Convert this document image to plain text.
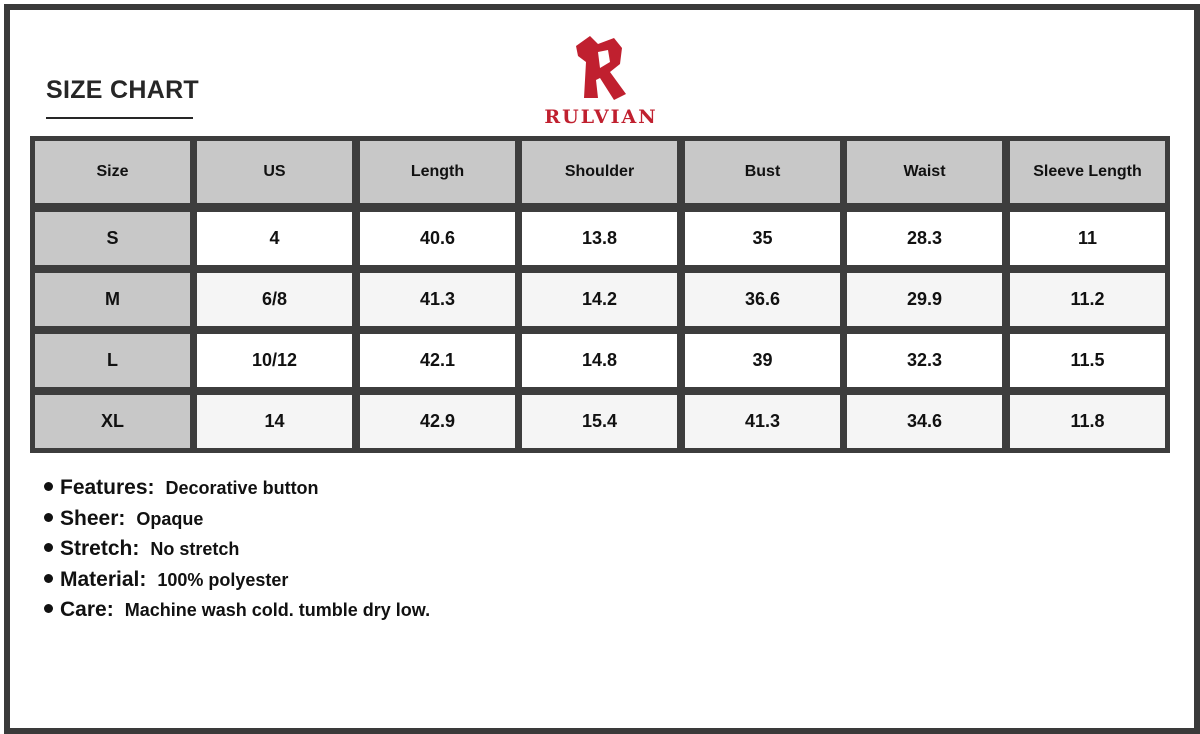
SIZE CHART
RULVIAN
Size	US	Length	Shoulder	Bust	Waist	Sleeve Length
S	4	40.6	13.8	35	28.3	11
M	6/8	41.3	14.2	36.6	29.9	11.2
L	10/12	42.1	14.8	39	32.3	11.5
XL	14	42.9	15.4	41.3	34.6	11.8
Features: Decorative button
Sheer: Opaque
Stretch: No stretch
Material: 100% polyester
Care: Machine wash cold. tumble dry low.
